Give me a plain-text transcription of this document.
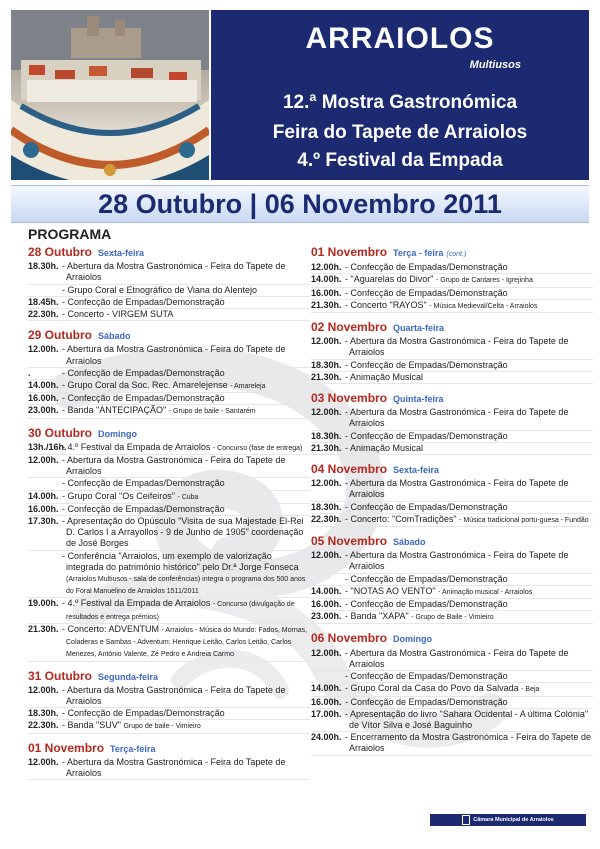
ARRAIOLOS
Multiusos
12.ª Mostra Gastronómica
Feira do Tapete de Arraiolos
4.º Festival da Empada
28 Outubro | 06 Novembro 2011
PROGRAMA
28 Outubro Sexta-feira
18.30h. - Abertura da Mostra Gastronómica - Feira do Tapete de Arraiolos
- Grupo Coral e Etnográfico de Viana do Alentejo
18.45h. - Confecção de Empadas/Demonstração
22.30h. - Concerto - VIRGEM SUTA
29 Outubro Sábado
12.00h. - Abertura da Mostra Gastronómica - Feira do Tapete de Arraiolos
.	- Confecção de Empadas/Demonstração
14.00h. - Grupo Coral da Soc. Rec. Amarelejense - Amareleja
16.00h. - Confecção de Empadas/Demonstração
23.00h. - Banda "ANTECIPAÇÃO" - Grupo de baile - Santarém
30 Outubro Domingo
13h./16h.
- 4.º Festival da Empada de Arraiolos - Concurso (fase de entrega)
12.00h. - Abertura da Mostra Gastronómica - Feira do Tapete de Arraiolos
- Confecção de Empadas/Demonstração
14.00h. - Grupo Coral "Os Ceifeiros" - Cuba
16.00h. - Confecção de Empadas/Demonstração
17.30h. - Apresentação do Opúsculo "Visita de sua Majestade El-Rei D. Carlos I a Arrayollos - 9 de Junho de 1905" coordenação de José Borges
- Conferência "Arraiolos, um exemplo de valorização integrada do património histórico" pelo Dr.ª Jorge Fonseca (Arraiolos Multiusos - sala de conferências) integra o programa dos 500 anos do Foral Manuelino de Arraiolos 1511/2011
19.00h. - 4.º Festival da Empada de Arraiolos - Concurso (divulgação de resultados e entrega prémios)
21.30h. - Concerto: ADVENTUM - Arraiolos - Música do Mundo: Fados, Mornas, Coladeras e Sambas - Adventum: Henrique Leitão, Carlos Leitão, Carlos Menezes, António Valente, Zé Pedro e Andreia Carmo
31 Outubro Segunda-feira
12.00h. - Abertura da Mostra Gastronómica - Feira do Tapete de Arraiolos
18.30h. - Confecção de Empadas/Demonstração
22.30h. - Banda "SUV" Grupo de baile - Vimieiro
01 Novembro Terça-feira
12.00h. - Abertura da Mostra Gastronómica - Feira do Tapete de Arraiolos
01 Novembro Terça - feira (cont.)
12.00h. - Confecção de Empadas/Demonstração
14.00h. - "Aguarelas do Divor" - Grupo de Cantares - Igrejinha
16.00h. - Confecção de Empadas/Demonstração
21.30h. - Concerto "RAYOS" - Música Medieval/Celta - Arraiolos
02 Novembro Quarta-feira
12.00h. - Abertura da Mostra Gastronómica - Feira do Tapete de Arraiolos
18.30h. - Confecção de Empadas/Demonstração
21.30h. - Animação Musical
03 Novembro Quinta-feira
12.00h. - Abertura da Mostra Gastronómica - Feira do Tapete de Arraiolos
18.30h. - Confecção de Empadas/Demonstração
21.30h. - Animação Musical
04 Novembro Sexta-feira
12.00h. - Abertura da Mostra Gastronómica - Feira do Tapete de Arraiolos
18.30h. - Confecção de Empadas/Demonstração
22.30h. - Concerto: "ComTradições" - Música tradicional portu-guesa - Fundão
05 Novembro Sábado
12.00h. - Abertura da Mostra Gastronómica - Feira do Tapete de Arraiolos
- Confecção de Empadas/Demonstração
14.00h. - "NOTAS AO VENTO" - Animação musical - Arraiolos
16.00h. - Confecção de Empadas/Demonstração
23.00h. - Banda "XAPA" - Grupo de Baile - Vimieiro
06 Novembro Domingo
12.00h. - Abertura da Mostra Gastronómica - Feira do Tapete de Arraiolos
- Confecção de Empadas/Demonstração
14.00h. - Grupo Coral da Casa do Povo da Salvada - Beja
16.00h. - Confecção de Empadas/Demonstração
17.00h. - Apresentação do livro "Sahara Ocidental - A última Colónia" de Vítor Silva e José Baguinho
24.00h. - Encerramento da Mostra Gastronómica - Feira do Tapete de Arraiolos
Câmara Municipal de Arraiolos
